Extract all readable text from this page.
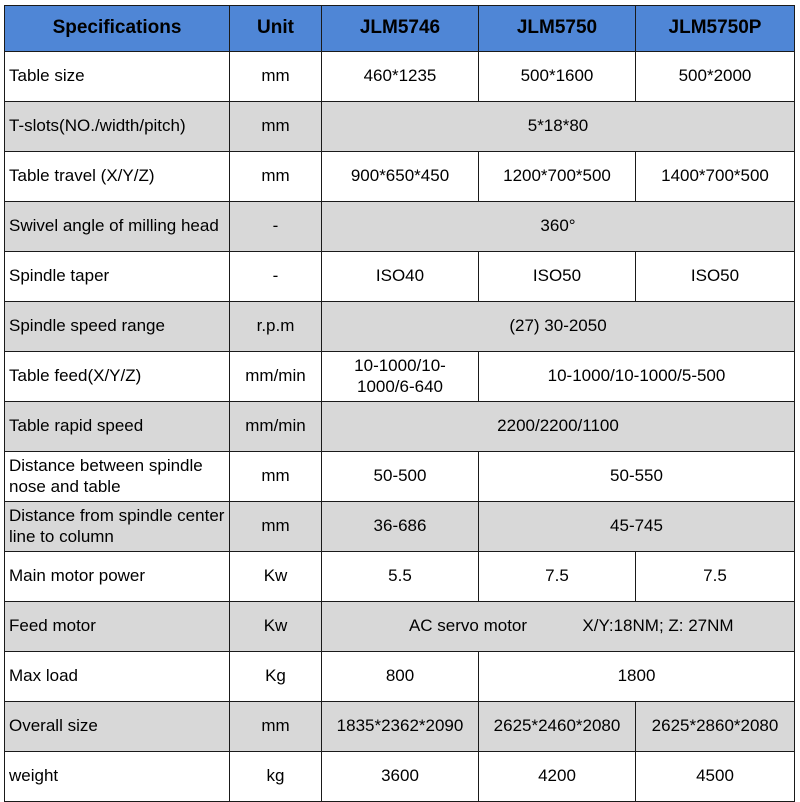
Specifications	Unit	JLM5746	JLM5750	JLM5750P
Table size	mm	460*1235	500*1600	500*2000
T-slots(NO./width/pitch)	mm	5*18*80		
Table travel (X/Y/Z)	mm	900*650*450	1200*700*500	1400*700*500
Swivel angle of milling head	-	360°		
Spindle taper	-	ISO40	ISO50	ISO50
Spindle speed range	r.p.m	(27) 30-2050		
Table feed(X/Y/Z)	mm/min	10-1000/10-1000/6-640	10-1000/10-1000/5-500	
Table rapid speed	mm/min	2200/2200/1100		
Distance between spindle nose and table	mm	50-500	50-550	
Distance from spindle center line to column	mm	36-686	45-745	
Main motor power	Kw	5.5	7.5	7.5
Feed motor	Kw	AC servo motor X/Y:18NM; Z: 27NM		
Max load	Kg	800	1800	
Overall size	mm	1835*2362*2090	2625*2460*2080	2625*2860*2080
weight	kg	3600	4200	4500
